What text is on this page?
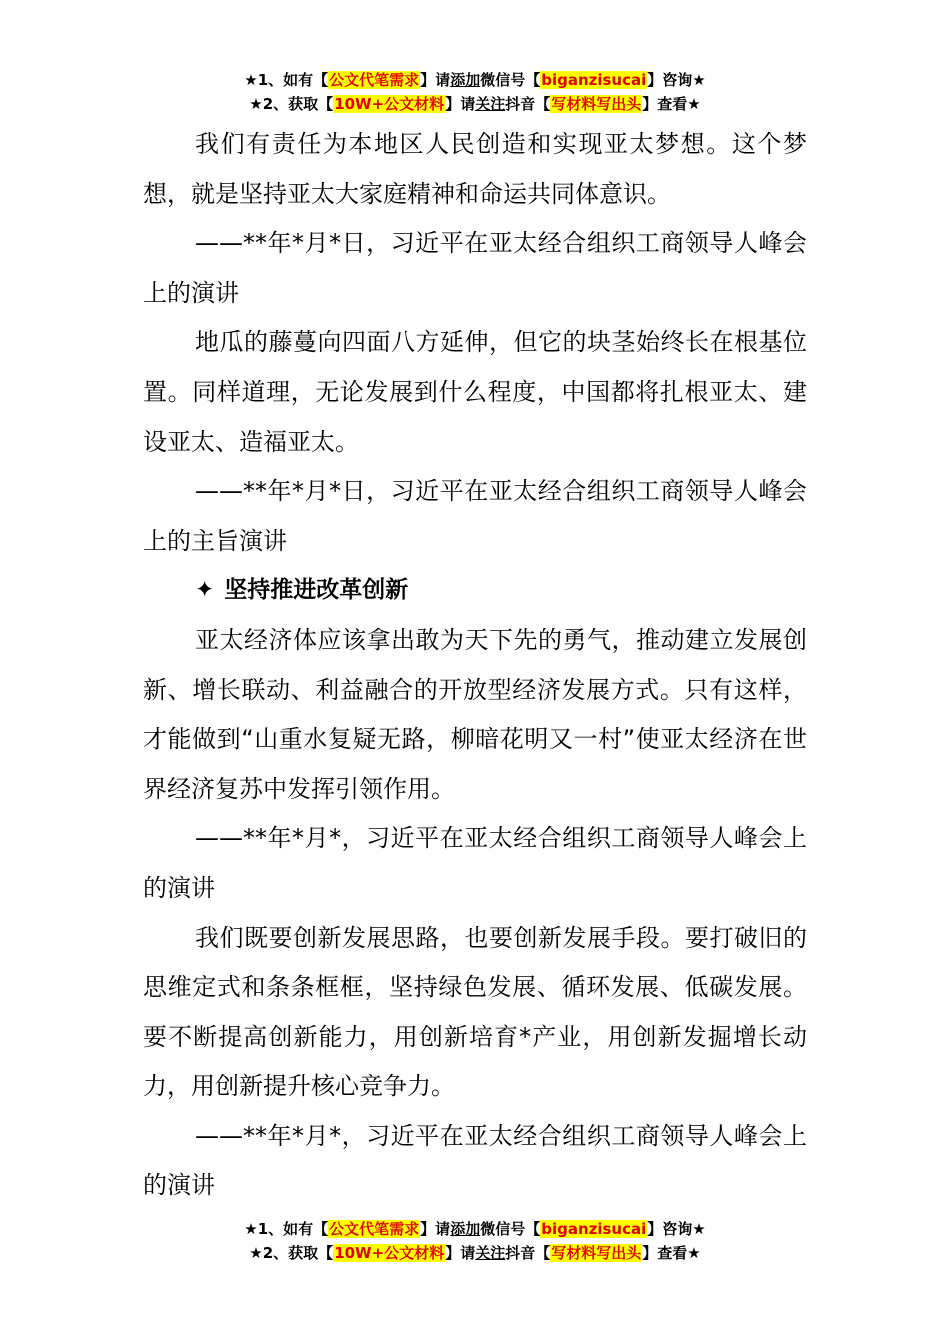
★1、如有【公文代笔需求】请添加微信号【biganzisucai】咨询★
★2、获取【10W+公文材料】请关注抖音【写材料写出头】查看★

我们有责任为本地区人民创造和实现亚太梦想。这个梦想，就是坚持亚太大家庭精神和命运共同体意识。

——**年*月*日，习近平在亚太经合组织工商领导人峰会上的演讲

地瓜的藤蔓向四面八方延伸，但它的块茎始终长在根基位置。同样道理，无论发展到什么程度，中国都将扎根亚太、建设亚太、造福亚太。

——**年*月*日，习近平在亚太经合组织工商领导人峰会上的主旨演讲

✦ 坚持推进改革创新

亚太经济体应该拿出敢为天下先的勇气，推动建立发展创新、增长联动、利益融合的开放型经济发展方式。只有这样，才能做到“山重水复疑无路，柳暗花明又一村”使亚太经济在世界经济复苏中发挥引领作用。

——**年*月*，习近平在亚太经合组织工商领导人峰会上的演讲

我们既要创新发展思路，也要创新发展手段。要打破旧的思维定式和条条框框，坚持绿色发展、循环发展、低碳发展。要不断提高创新能力，用创新培育*产业，用创新发掘增长动力，用创新提升核心竞争力。

——**年*月*，习近平在亚太经合组织工商领导人峰会上的演讲

★1、如有【公文代笔需求】请添加微信号【biganzisucai】咨询★
★2、获取【10W+公文材料】请关注抖音【写材料写出头】查看★
